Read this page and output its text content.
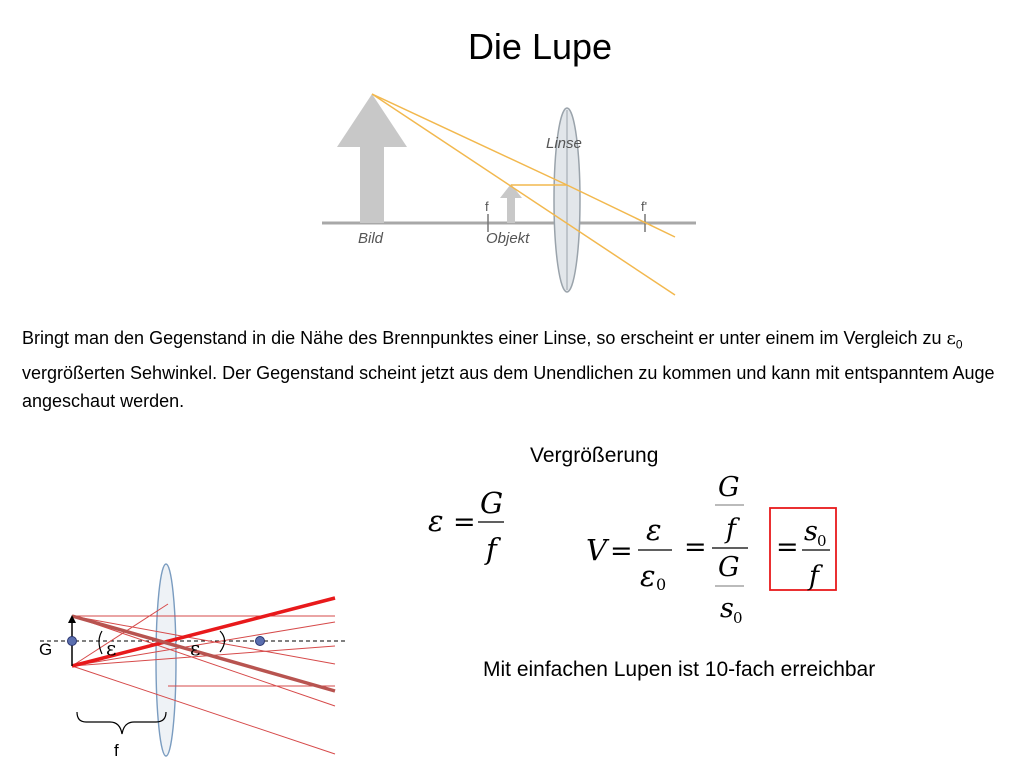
Die Lupe
Linse
Bild	Objekt
f	f'
Bringt man den Gegenstand in die Nähe des Brennpunktes einer Linse, so erscheint er unter einem im Vergleich zu $\varepsilon_0$ vergrößerten Sehwinkel. Der Gegenstand scheint jetzt aus dem Unendlichen zu kommen und kann mit entspanntem Auge angeschaut werden.
Vergrößerung
ε =
G
f	V =
ε
ε 0
=
G
f
G
s 0
=
s 0
f
ε	ε
G
f
Mit einfachen Lupen ist 10-fach erreichbar
